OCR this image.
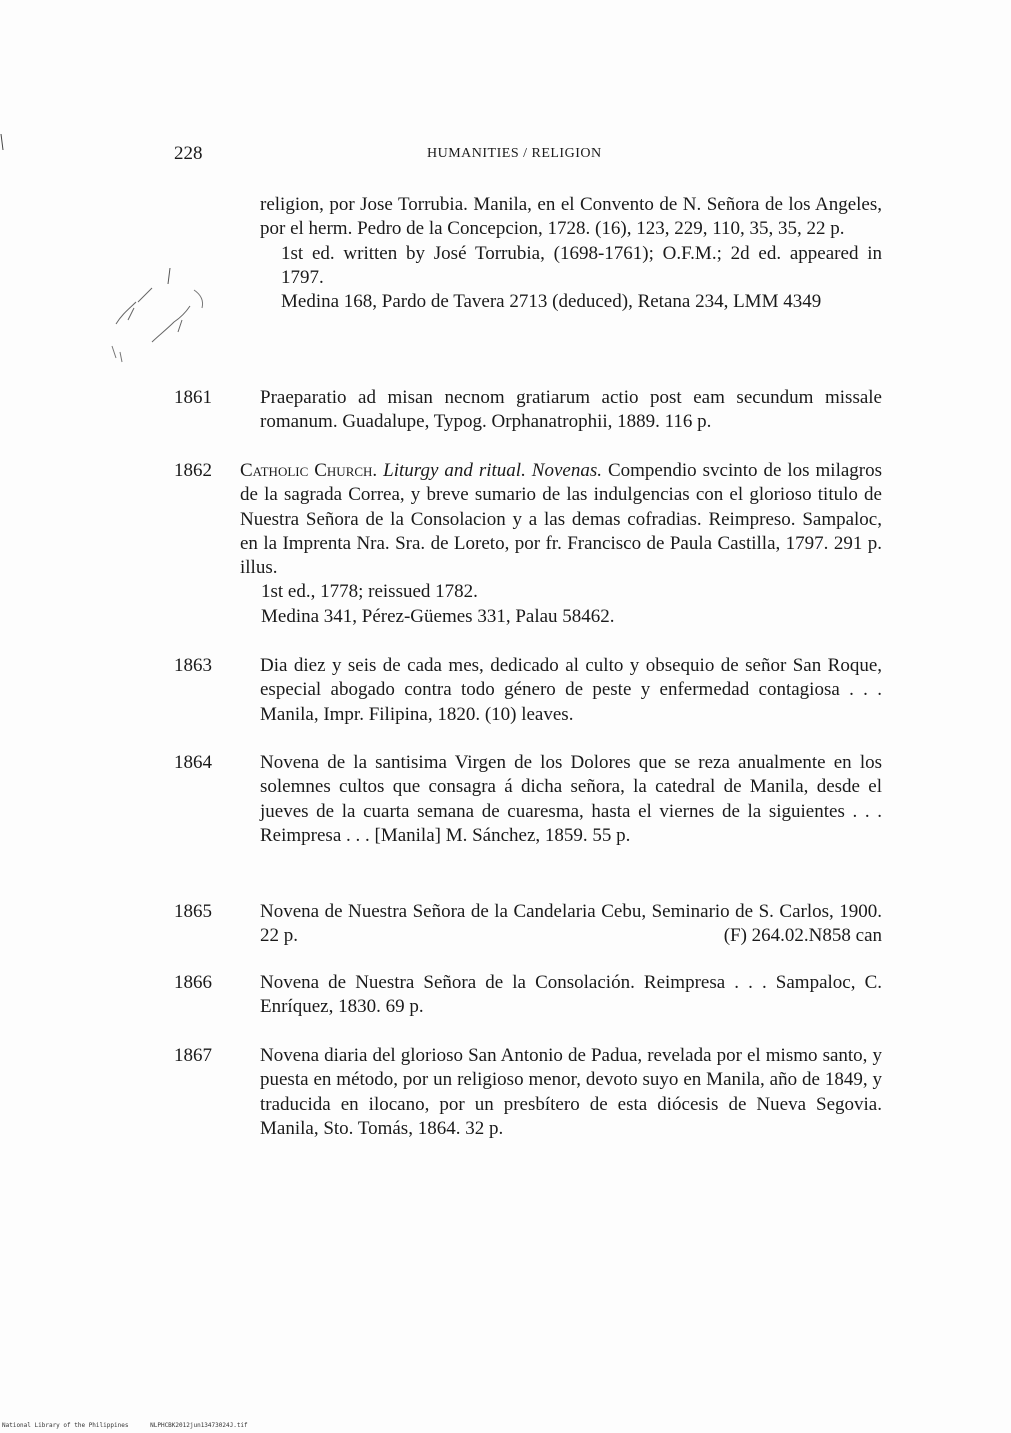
228	HUMANITIES / RELIGION

religion, por Jose Torrubia. Manila, en el Convento de N. Señora de los Angeles, por el herm. Pedro de la Concepcion, 1728. (16), 123, 229, 110, 35, 35, 22 p.

1st ed. written by José Torrubia, (1698-1761); O.F.M.; 2d ed. appeared in 1797.

Medina 168, Pardo de Tavera 2713 (deduced), Retana 234, LMM 4349

1861	Praeparatio ad misan necnom gratiarum actio post eam secundum missale romanum. Guadalupe, Typog. Orphanatrophii, 1889. 116 p.

1862	Catholic Church. Liturgy and ritual. Novenas. Compendio svcinto de los milagros de la sagrada Correa, y breve sumario de las indulgencias con el glorioso titulo de Nuestra Señora de la Consolacion y a las demas cofradias. Reimpreso. Sampaloc, en la Imprenta Nra. Sra. de Loreto, por fr. Francisco de Paula Castilla, 1797. 291 p. illus.

1st ed., 1778; reissued 1782.

Medina 341, Pérez-Güemes 331, Palau 58462.

1863	Dia diez y seis de cada mes, dedicado al culto y obsequio de señor San Roque, especial abogado contra todo género de peste y enfermedad contagiosa . . . Manila, Impr. Filipina, 1820. (10) leaves.

1864	Novena de la santisima Virgen de los Dolores que se reza anualmente en los solemnes cultos que consagra á dicha señora, la catedral de Manila, desde el jueves de la cuarta semana de cuaresma, hasta el viernes de la siguientes . . . Reimpresa . . . [Manila] M. Sánchez, 1859. 55 p.

1865	Novena de Nuestra Señora de la Candelaria Cebu, Seminario de S. Carlos, 1900. 22 p.	(F) 264.02.N858 can

1866	Novena de Nuestra Señora de la Consolación. Reimpresa . . . Sampaloc, C. Enríquez, 1830. 69 p.

1867	Novena diaria del glorioso San Antonio de Padua, revelada por el mismo santo, y puesta en método, por un religioso menor, devoto suyo en Manila, año de 1849, y traducida en ilocano, por un presbítero de esta diócesis de Nueva Segovia. Manila, Sto. Tomás, 1864. 32 p.

National Library of the Philippines	NLPHCBK2012jun13473024J.tif
